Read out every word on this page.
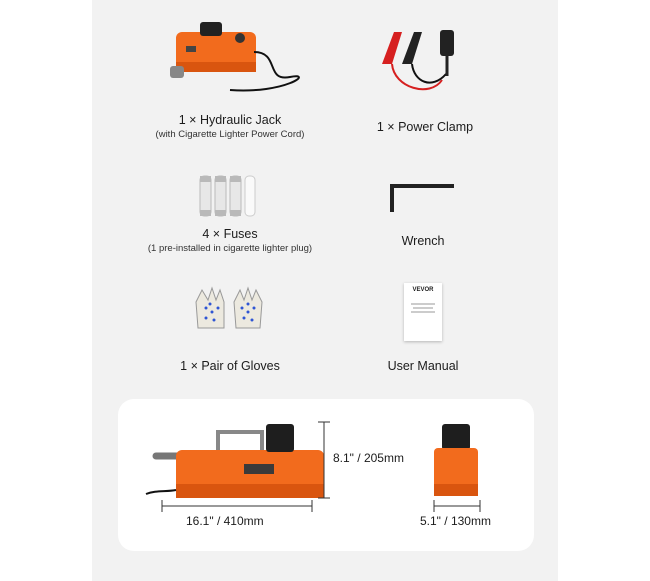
1 × Hydraulic Jack
(with Cigarette Lighter Power Cord)
1 × Power Clamp
4 × Fuses
(1 pre-installed in cigarette lighter plug)
Wrench
1 × Pair of Gloves
VEVOR
User Manual
8.1" / 205mm
16.1" / 410mm	5.1" / 130mm
